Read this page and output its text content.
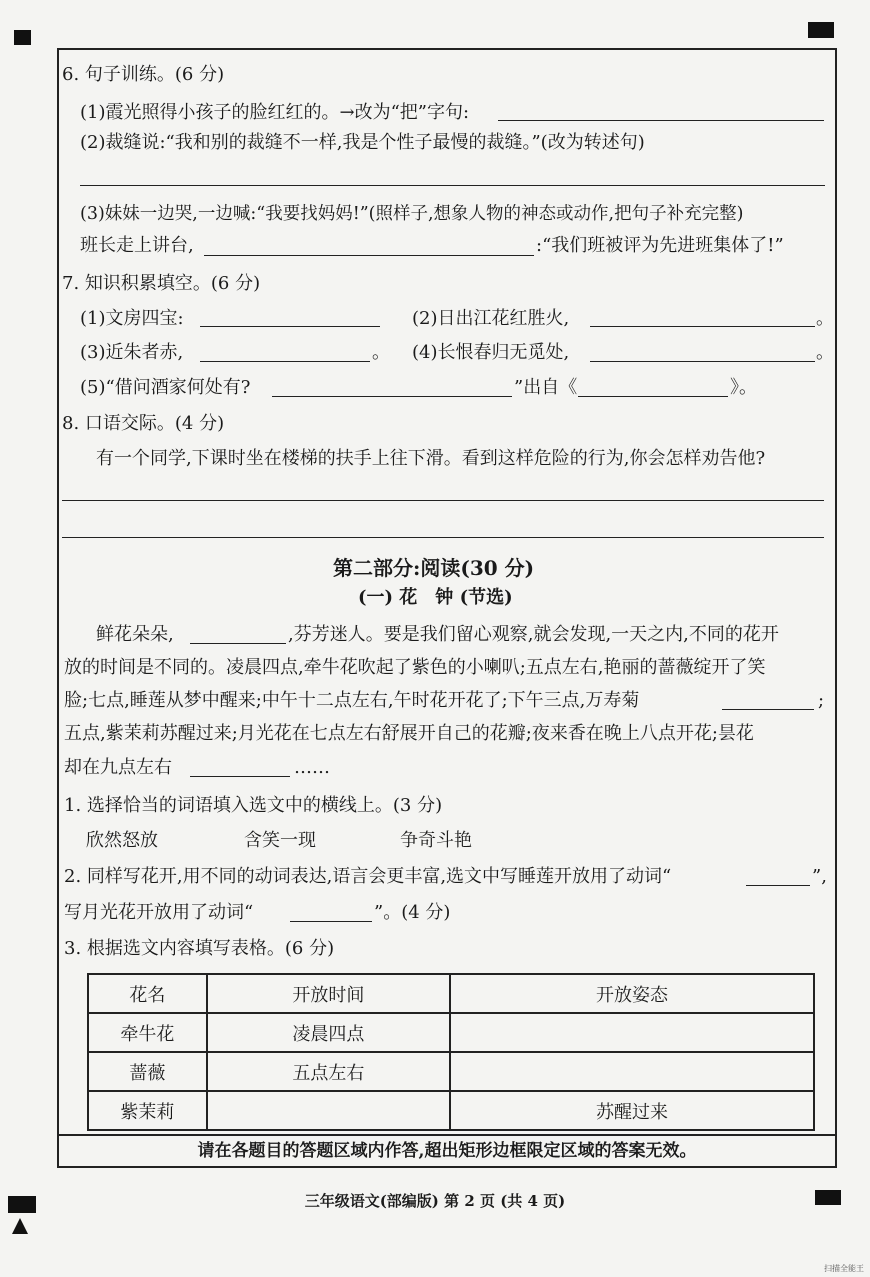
6. 句子训练。(6 分)
(1)霞光照得小孩子的脸红红的。→改为“把”字句:
(2)裁缝说:“我和别的裁缝不一样,我是个性子最慢的裁缝。”(改为转述句)
(3)妹妹一边哭,一边喊:“我要找妈妈!”(照样子,想象人物的神态或动作,把句子补充完整)
班长走上讲台,	:“我们班被评为先进班集体了!”
7. 知识积累填空。(6 分)
(1)文房四宝:	(2)日出江花红胜火,	。
(3)近朱者赤,	。 (4)长恨春归无觅处,	。
(5)“借问酒家何处有?	”出自《	》。
8. 口语交际。(4 分)
有一个同学,下课时坐在楼梯的扶手上往下滑。看到这样危险的行为,你会怎样劝告他?
第二部分:阅读(30 分)
(一) 花　钟 (节选)
鲜花朵朵,	,芬芳迷人。要是我们留心观察,就会发现,一天之内,不同的花开
放的时间是不同的。凌晨四点,牵牛花吹起了紫色的小喇叭;五点左右,艳丽的蔷薇绽开了笑
脸;七点,睡莲从梦中醒来;中午十二点左右,午时花开花了;下午三点,万寿菊	;
五点,紫茉莉苏醒过来;月光花在七点左右舒展开自己的花瓣;夜来香在晚上八点开花;昙花
却在九点左右	……
1. 选择恰当的词语填入选文中的横线上。(3 分)
欣然怒放	含笑一现	争奇斗艳
2. 同样写花开,用不同的动词表达,语言会更丰富,选文中写睡莲开放用了动词“	”,
写月光花开放用了动词“	”。(4 分)
3. 根据选文内容填写表格。(6 分)
花名	开放时间	开放姿态
牵牛花	凌晨四点	
蔷薇	五点左右	
紫茉莉		苏醒过来
请在各题目的答题区域内作答,超出矩形边框限定区域的答案无效。
三年级语文(部编版) 第 2 页 (共 4 页)
扫描全能王
